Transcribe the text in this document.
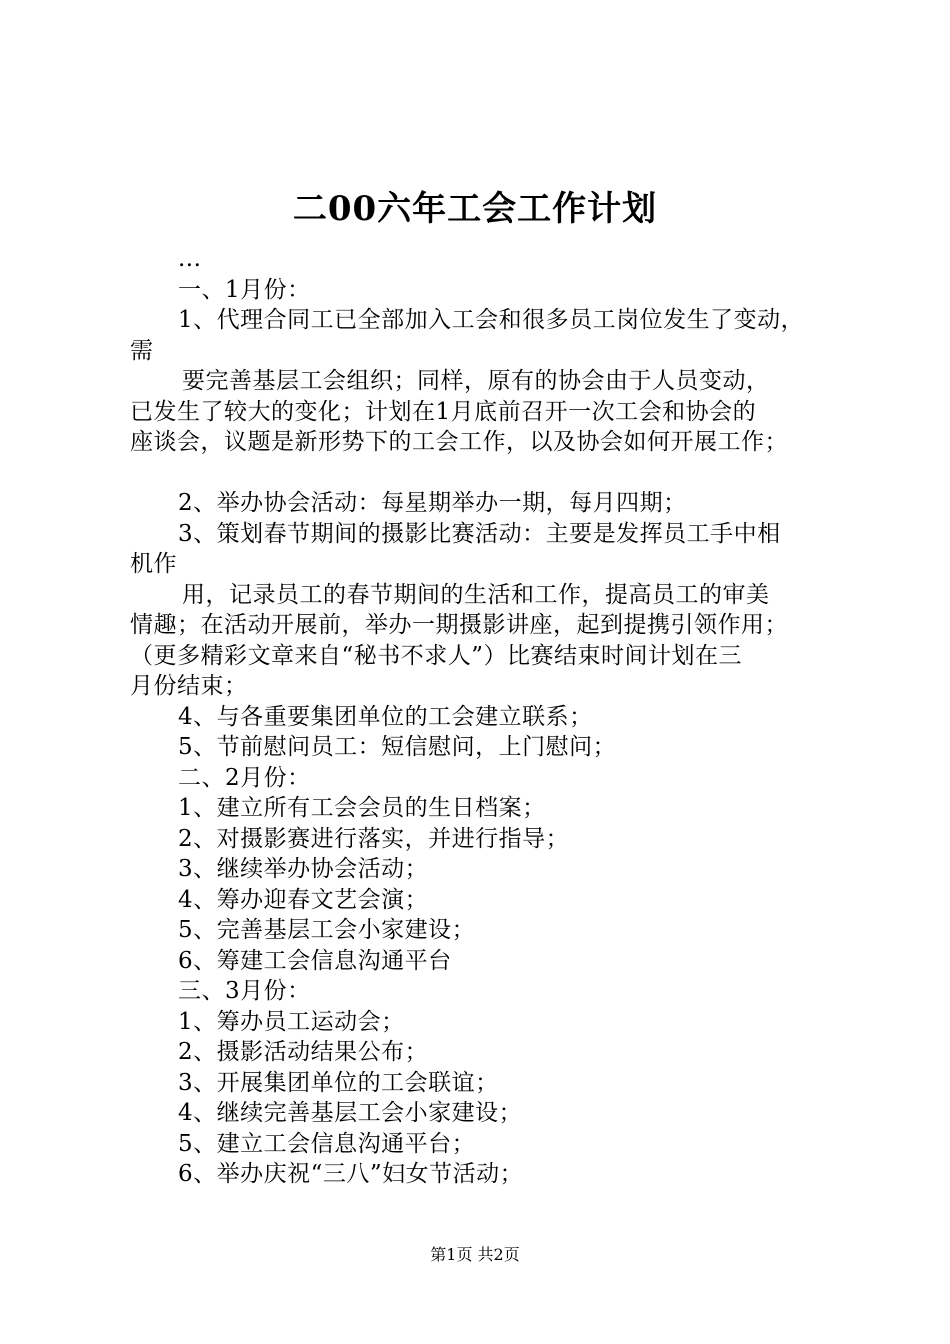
二00六年工会工作计划
...
一、1月份：
1、代理合同工已全部加入工会和很多员工岗位发生了变动，
需
要完善基层工会组织；同样，原有的协会由于人员变动，
已发生了较大的变化；计划在1月底前召开一次工会和协会的
座谈会，议题是新形势下的工会工作，以及协会如何开展工作；
2、举办协会活动：每星期举办一期，每月四期；
3、策划春节期间的摄影比赛活动：主要是发挥员工手中相
机作
用，记录员工的春节期间的生活和工作，提高员工的审美
情趣；在活动开展前，举办一期摄影讲座，起到提携引领作用；
（更多精彩文章来自“秘书不求人”）比赛结束时间计划在三
月份结束；
4、与各重要集团单位的工会建立联系；
5、节前慰问员工：短信慰问，上门慰问；
二、2月份：
1、建立所有工会会员的生日档案；
2、对摄影赛进行落实，并进行指导；
3、继续举办协会活动；
4、筹办迎春文艺会演；
5、完善基层工会小家建设；
6、筹建工会信息沟通平台
三、3月份：
1、筹办员工运动会；
2、摄影活动结果公布；
3、开展集团单位的工会联谊；
4、继续完善基层工会小家建设；
5、建立工会信息沟通平台；
6、举办庆祝“三八”妇女节活动；
第1页 共2页
